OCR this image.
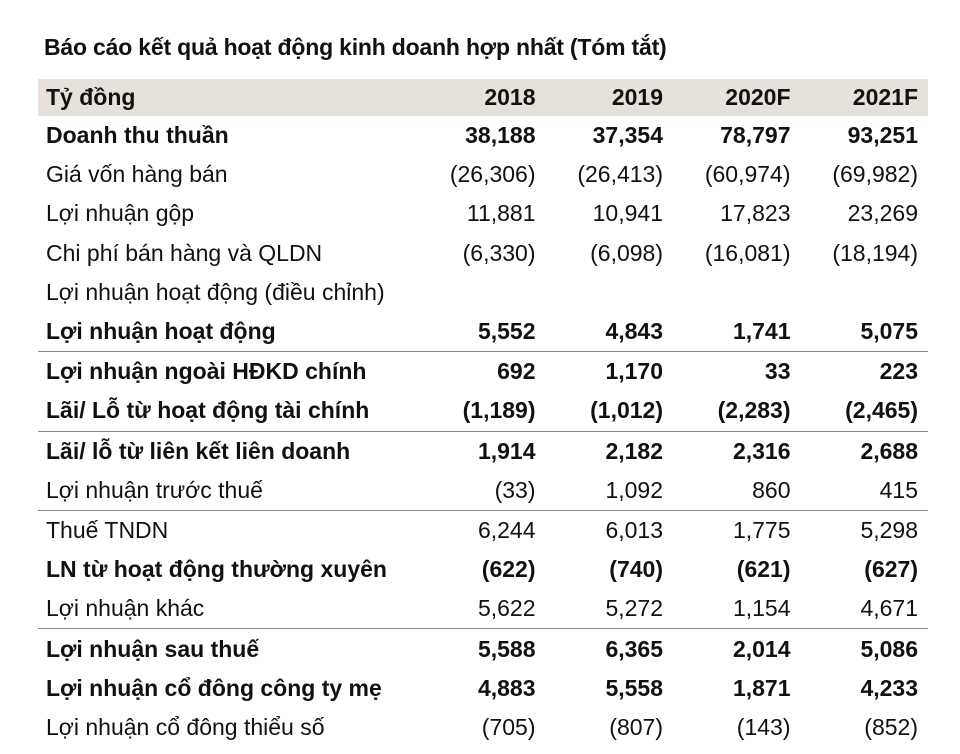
Báo cáo kết quả hoạt động kinh doanh hợp nhất (Tóm tắt)
Tỷ đồng	2018	2019	2020F	2021F
Doanh thu thuần	38,188	37,354	78,797	93,251
Giá vốn hàng bán	(26,306)	(26,413)	(60,974)	(69,982)
Lợi nhuận gộp	11,881	10,941	17,823	23,269
Chi phí bán hàng và QLDN	(6,330)	(6,098)	(16,081)	(18,194)
Lợi nhuận hoạt động (điều chỉnh)				
Lợi nhuận hoạt động	5,552	4,843	1,741	5,075
Lợi nhuận ngoài HĐKD chính	692	1,170	33	223
Lãi/ Lỗ từ hoạt động tài chính	(1,189)	(1,012)	(2,283)	(2,465)
Lãi/ lỗ từ liên kết liên doanh	1,914	2,182	2,316	2,688
Lợi nhuận trước thuế	(33)	1,092	860	415
Thuế TNDN	6,244	6,013	1,775	5,298
LN từ hoạt động thường xuyên	(622)	(740)	(621)	(627)
Lợi nhuận khác	5,622	5,272	1,154	4,671
Lợi nhuận sau thuế	5,588	6,365	2,014	5,086
Lợi nhuận cổ đông công ty mẹ	4,883	5,558	1,871	4,233
Lợi nhuận cổ đông thiểu số	(705)	(807)	(143)	(852)
